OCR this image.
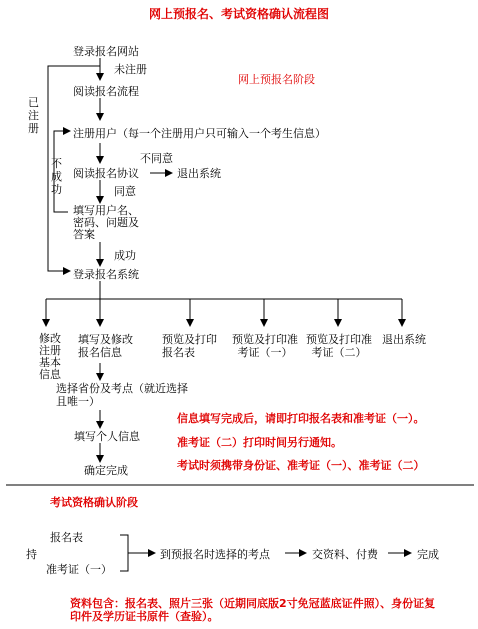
网上预报名、考试资格确认流程图
网上预报名阶段
登录报名网站
未注册
阅读报名流程
已注册	注册用户（每一个注册用户只可输入一个考生信息）
不同意
阅读报名协议	退出系统
同意
不成功
填写用户名、密码、问题及答案
成功
登录报名系统
修改注册基本信息
填写及修改报名信息
预览及打印报名表
预览及打印准考证（一）
预览及打印准考证（二）
退出系统
选择省份及考点（就近选择且唯一）
填写个人信息
确定完成
信息填写完成后，请即打印报名表和准考证（一）。
准考证（二）打印时间另行通知。
考试时须携带身份证、准考证（一）、准考证（二）
考试资格确认阶段
持
报名表
准考证（一）
到预报名时选择的考点	交资料、付费	完成
资料包含：报名表、照片三张（近期同底版2寸免冠蓝底证件照）、身份证复印件及学历证书原件（查验）。
